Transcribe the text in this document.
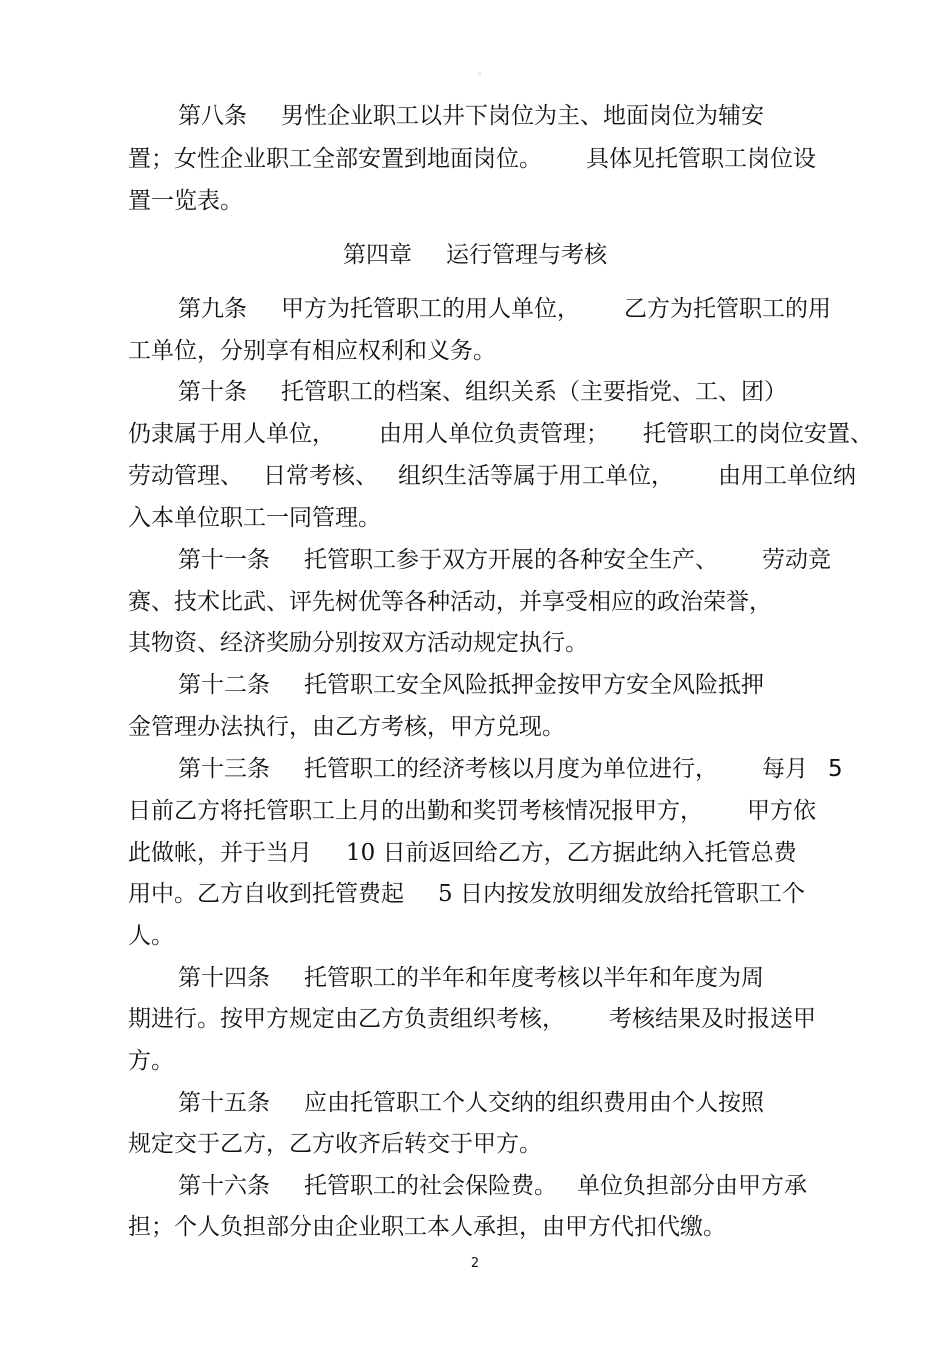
。
第八条 男性企业职工以井下岗位为主、地面岗位为辅安
置；女性企业职工全部安置到地面岗位。 具体见托管职工岗位设
置一览表。
第四章 运行管理与考核
第九条 甲方为托管职工的用人单位， 乙方为托管职工的用
工单位，分别享有相应权利和义务。
第十条 托管职工的档案、组织关系（主要指党、工、团）
仍隶属于用人单位， 由用人单位负责管理； 托管职工的岗位安置、
劳动管理、 日常考核、 组织生活等属于用工单位， 由用工单位纳
入本单位职工一同管理。
第十一条 托管职工参于双方开展的各种安全生产、 劳动竞
赛、技术比武、评先树优等各种活动，并享受相应的政治荣誉，
其物资、经济奖励分别按双方活动规定执行。
第十二条 托管职工安全风险抵押金按甲方安全风险抵押
金管理办法执行，由乙方考核，甲方兑现。
第十三条 托管职工的经济考核以月度为单位进行， 每月 5
日前乙方将托管职工上月的出勤和奖罚考核情况报甲方， 甲方依
此做帐，并于当月 10 日前返回给乙方，乙方据此纳入托管总费
用中。乙方自收到托管费起 5 日内按发放明细发放给托管职工个
人。
第十四条 托管职工的半年和年度考核以半年和年度为周
期进行。按甲方规定由乙方负责组织考核， 考核结果及时报送甲
方。
第十五条 应由托管职工个人交纳的组织费用由个人按照
规定交于乙方，乙方收齐后转交于甲方。
第十六条 托管职工的社会保险费。 单位负担部分由甲方承
担；个人负担部分由企业职工本人承担，由甲方代扣代缴。
2
